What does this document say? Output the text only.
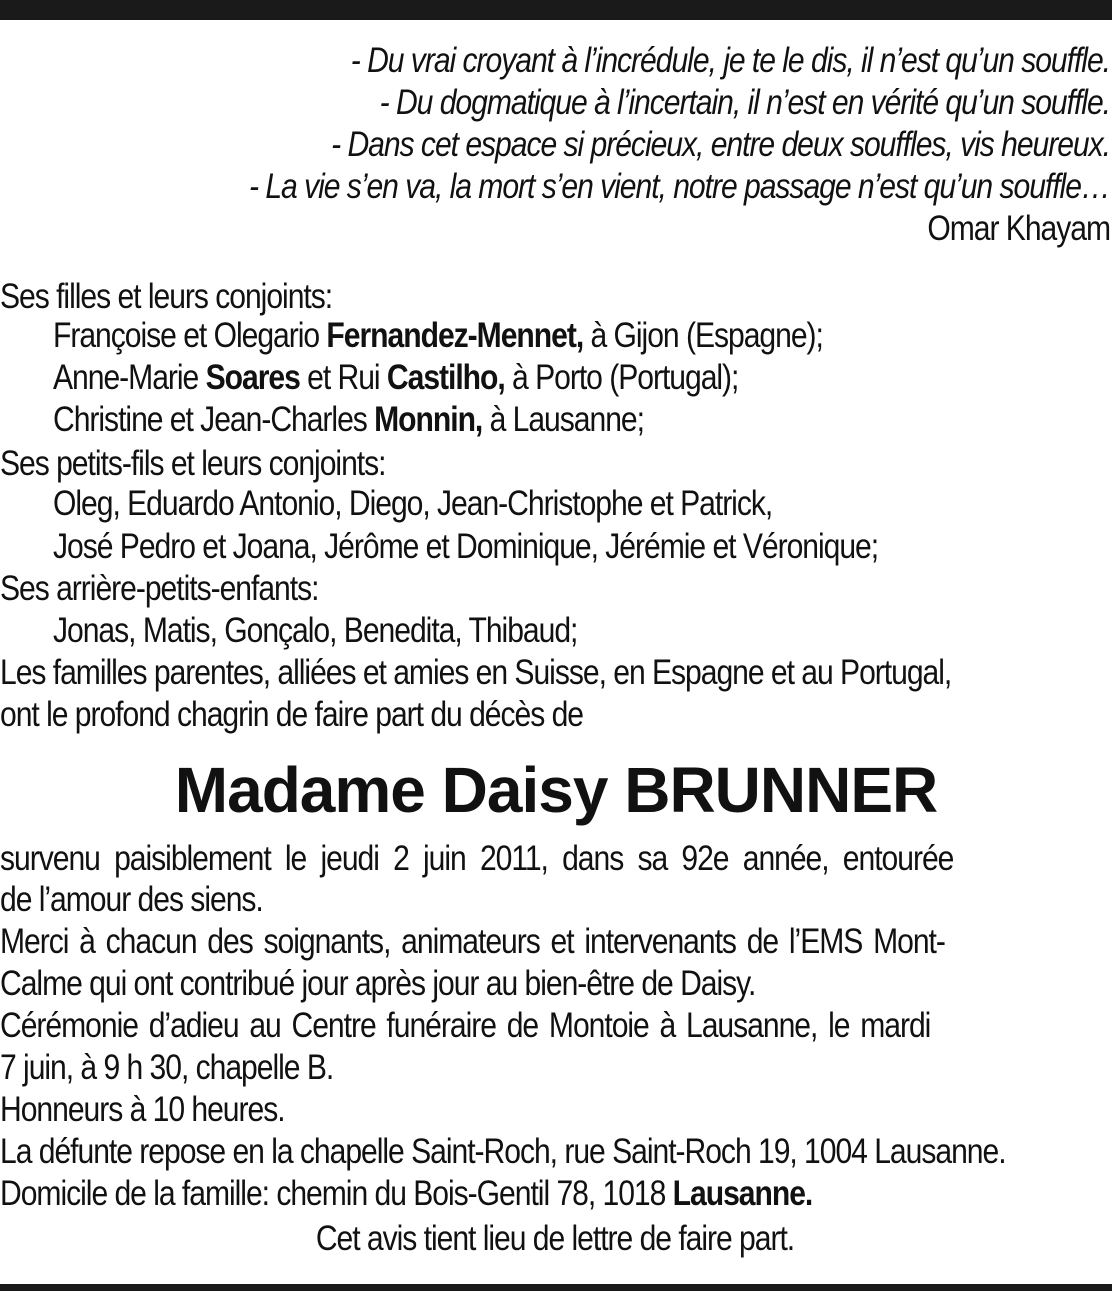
- Du vrai croyant à l’incrédule, je te le dis, il n’est qu’un souffle.
- Du dogmatique à l’incertain, il n’est en vérité qu’un souffle.
- Dans cet espace si précieux, entre deux souffles, vis heureux.
- La vie s’en va, la mort s’en vient, notre passage n’est qu’un souffle…
Omar Khayam
Ses filles et leurs conjoints:
Françoise et Olegario Fernandez-Mennet, à Gijon (Espagne);
Anne-Marie Soares et Rui Castilho, à Porto (Portugal);
Christine et Jean-Charles Monnin, à Lausanne;
Ses petits-fils et leurs conjoints:
Oleg, Eduardo Antonio, Diego, Jean-Christophe et Patrick,
José Pedro et Joana, Jérôme et Dominique, Jérémie et Véronique;
Ses arrière-petits-enfants:
Jonas, Matis, Gonçalo, Benedita, Thibaud;
Les familles parentes, alliées et amies en Suisse, en Espagne et au Portugal,
ont le profond chagrin de faire part du décès de
Madame Daisy BRUNNER
survenu paisiblement le jeudi 2 juin 2011, dans sa 92e année, entourée
de l’amour des siens.
Merci à chacun des soignants, animateurs et intervenants de l’EMS Mont-
Calme qui ont contribué jour après jour au bien-être de Daisy.
Cérémonie d’adieu au Centre funéraire de Montoie à Lausanne, le mardi
7 juin, à 9 h 30, chapelle B.
Honneurs à 10 heures.
La défunte repose en la chapelle Saint-Roch, rue Saint-Roch 19, 1004 Lausanne.
Domicile de la famille: chemin du Bois-Gentil 78, 1018 Lausanne.
Cet avis tient lieu de lettre de faire part.
